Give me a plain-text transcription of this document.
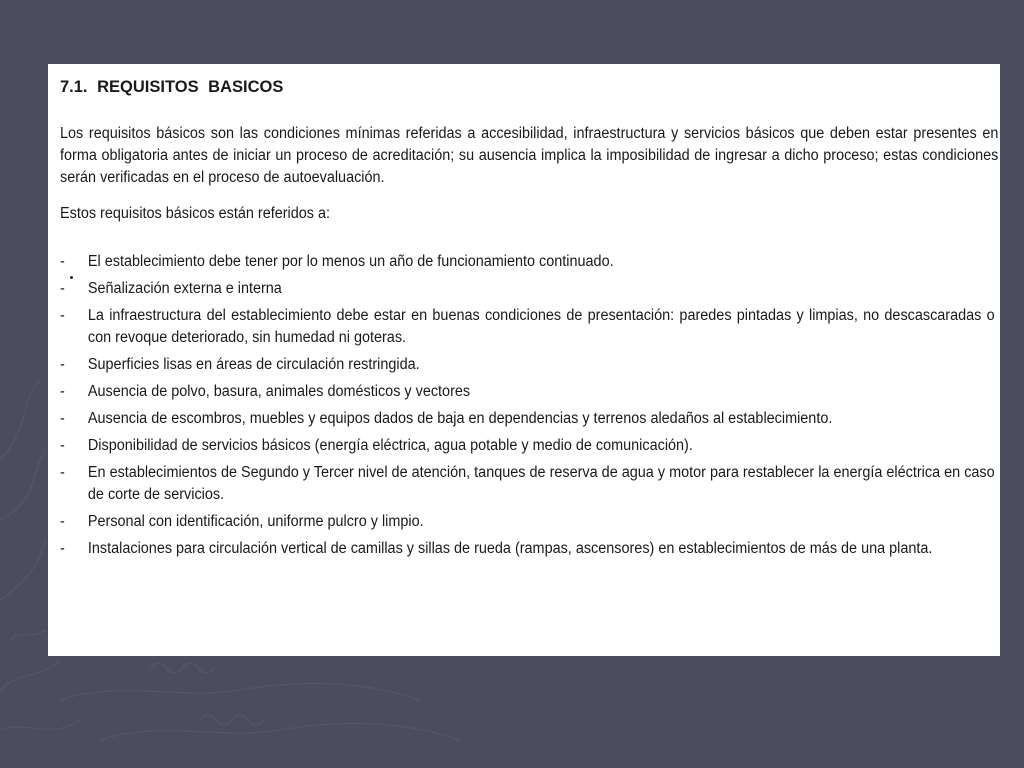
7.1. REQUISITOS BASICOS

Los requisitos básicos son las condiciones mínimas referidas a accesibilidad, infraestructura y servicios básicos que deben estar presentes en forma obligatoria antes de iniciar un proceso de acreditación; su ausencia implica la imposibilidad de ingresar a dicho proceso; estas condiciones serán verificadas en el proceso de autoevaluación.

Estos requisitos básicos están referidos a:

-	El establecimiento debe tener por lo menos un año de funcionamiento continuado.
-	Señalización externa e interna
-	La infraestructura del establecimiento debe estar en buenas condiciones de presentación: paredes pintadas y limpias, no descascaradas o con revoque deteriorado, sin humedad ni goteras.
-	Superficies lisas en áreas de circulación restringida.
-	Ausencia de polvo, basura, animales domésticos y vectores
-	Ausencia de escombros, muebles y equipos dados de baja en dependencias y terrenos aledaños al establecimiento.
-	Disponibilidad de servicios básicos (energía eléctrica, agua potable y medio de comunicación).
-	En establecimientos de Segundo y Tercer nivel de atención, tanques de reserva de agua y motor para restablecer la energía eléctrica en caso de corte de servicios.
-	Personal con identificación, uniforme pulcro y limpio.
-	Instalaciones para circulación vertical de camillas y sillas de rueda (rampas, ascensores) en establecimientos de más de una planta.
